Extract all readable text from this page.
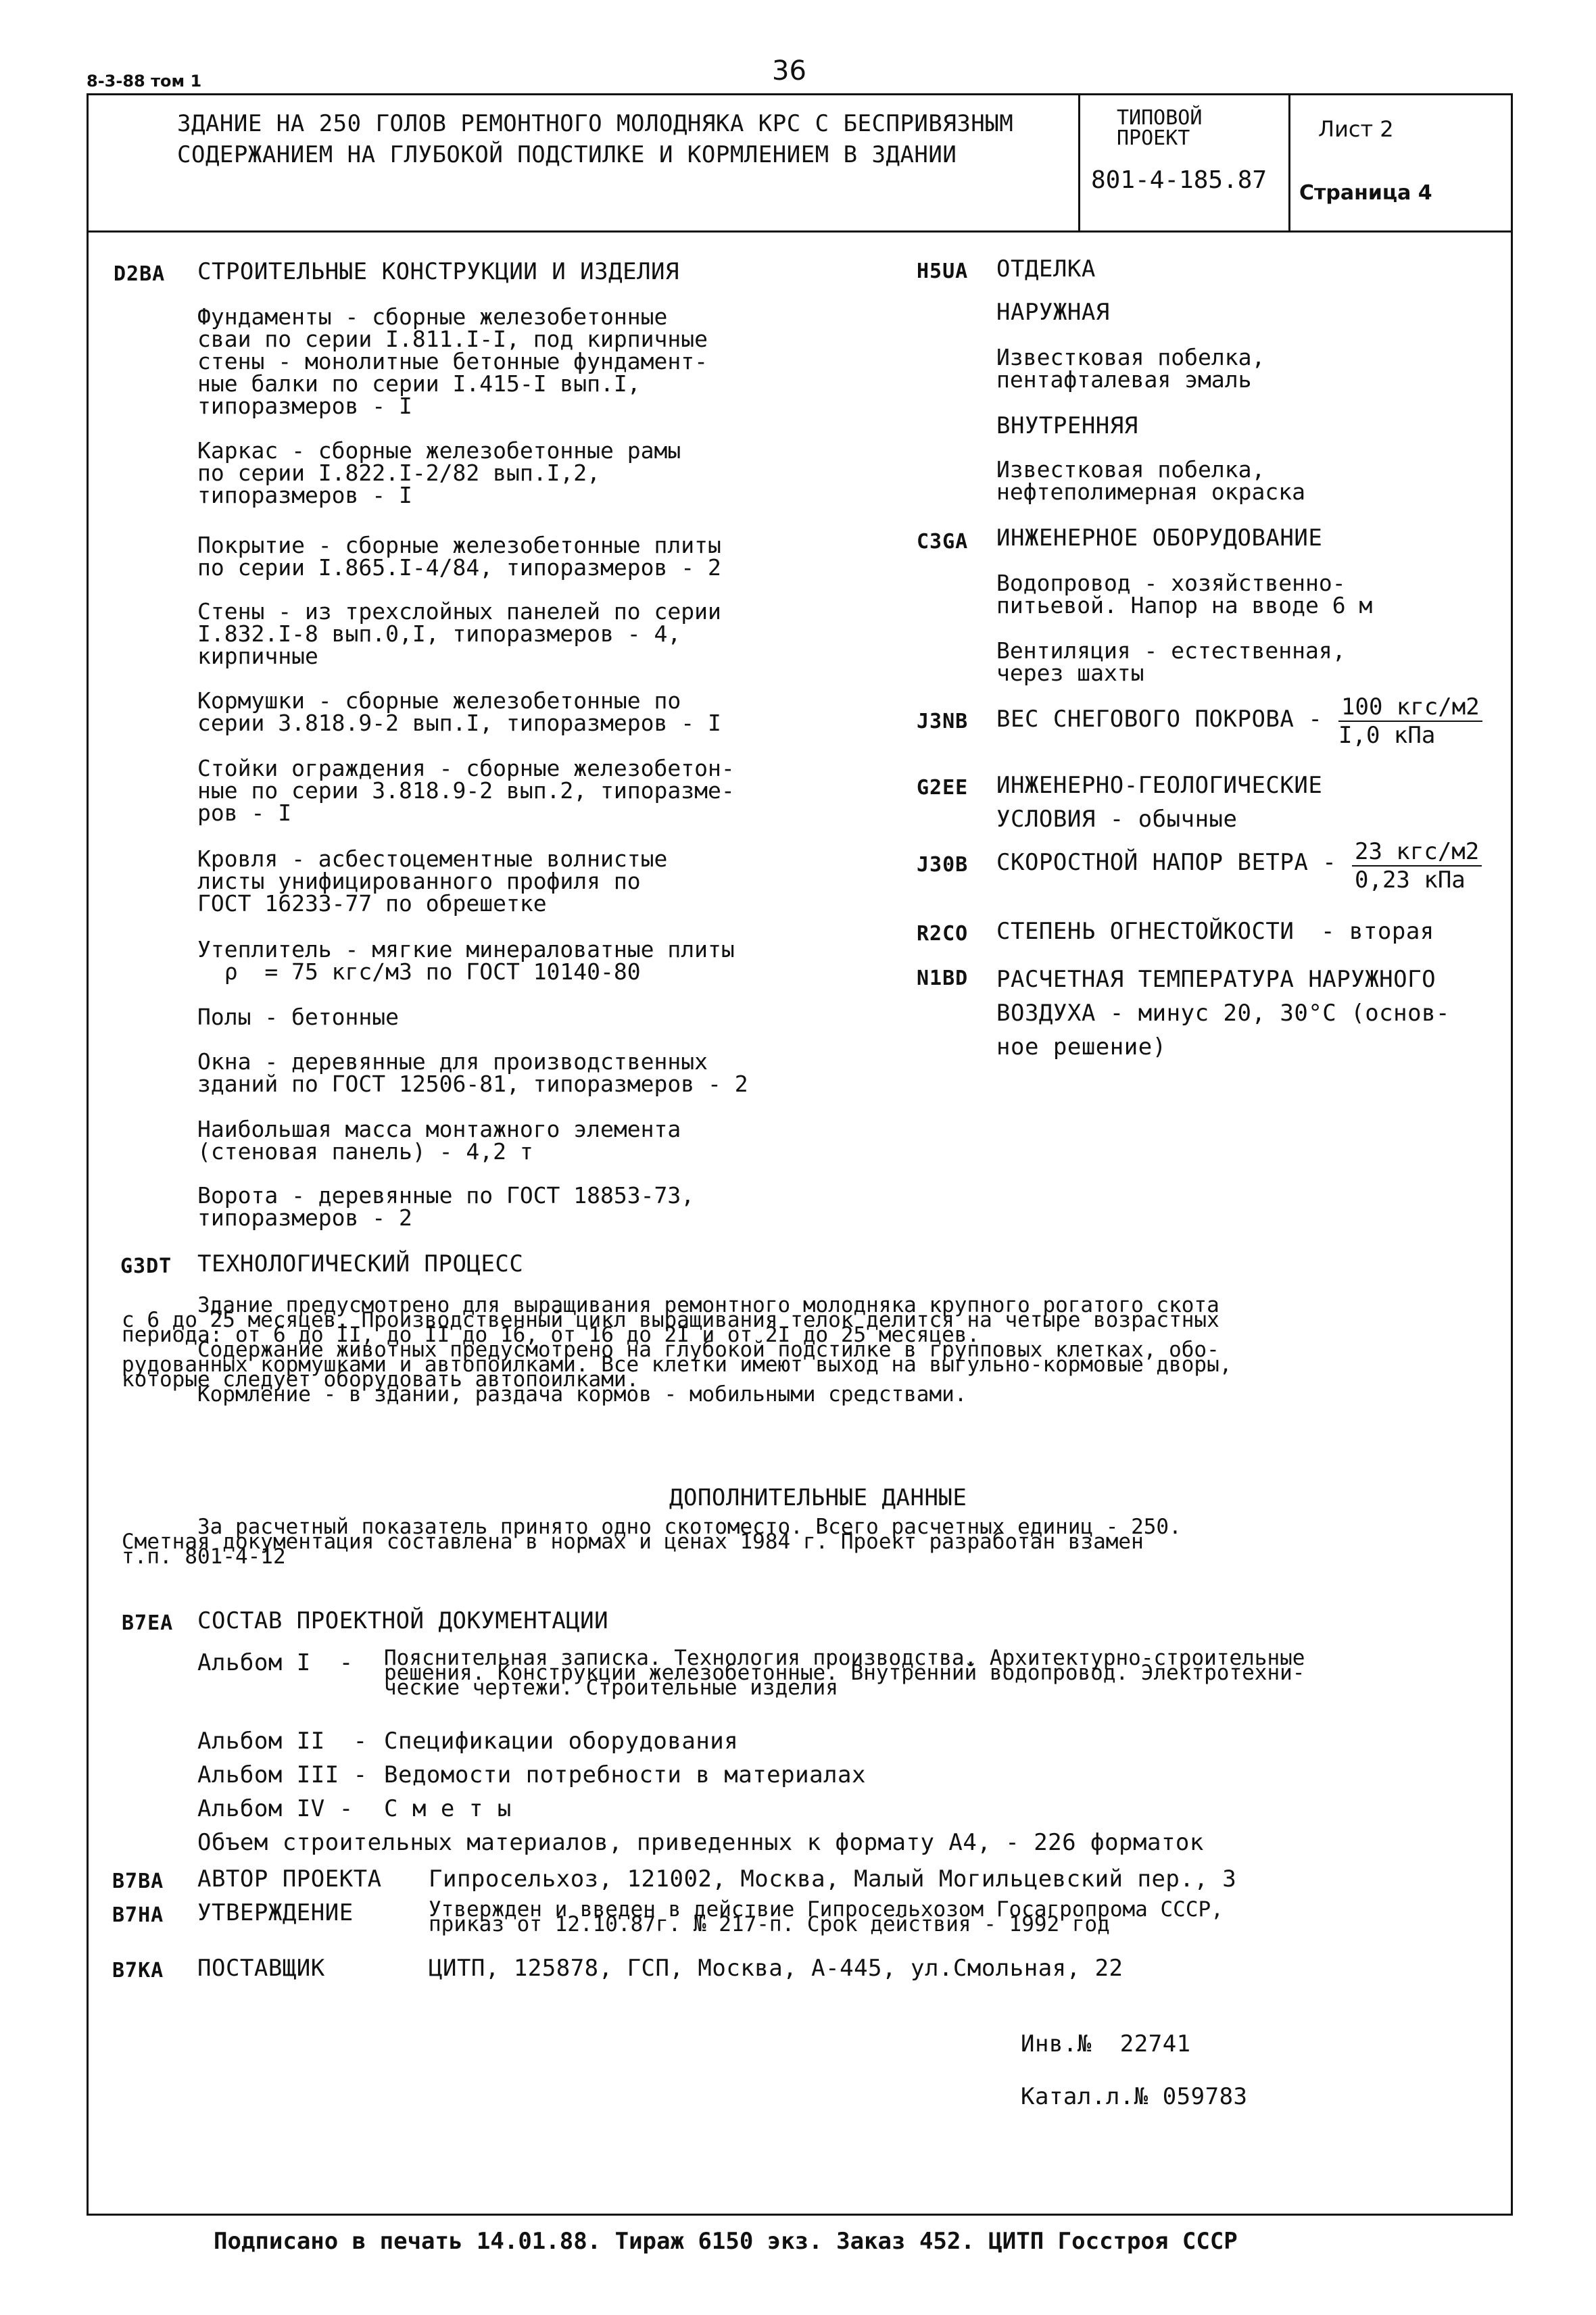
8-3-88 том 1	36
ЗДАНИЕ НА 250 ГОЛОВ РЕМОНТНОГО МОЛОДНЯКА КРС С БЕСПРИВЯЗНЫМ
СОДЕРЖАНИЕМ НА ГЛУБОКОЙ ПОДСТИЛКЕ И КОРМЛЕНИЕМ В ЗДАНИИ
ТИПОВОЙ
ПРОЕКТ
801-4-185.87
Лист 2
Страница 4
D2BA СТРОИТЕЛЬНЫЕ КОНСТРУКЦИИ И ИЗДЕЛИЯ
Фундаменты - сборные железобетонные
сваи по серии I.811.I-I, под кирпичные
стены - монолитные бетонные фундамент-
ные балки по серии I.415-I вып.I,
типоразмеров - I
Каркас - сборные железобетонные рамы
по серии I.822.I-2/82 вып.I,2,
типоразмеров - I
Покрытие - сборные железобетонные плиты
по серии I.865.I-4/84, типоразмеров - 2
Стены - из трехслойных панелей по серии
I.832.I-8 вып.0,I, типоразмеров - 4,
кирпичные
Кормушки - сборные железобетонные по
серии 3.818.9-2 вып.I, типоразмеров - I
Стойки ограждения - сборные железобетон-
ные по серии 3.818.9-2 вып.2, типоразме-
ров - I
Кровля - асбестоцементные волнистые
листы унифицированного профиля по
ГОСТ 16233-77 по обрешетке
Утеплитель - мягкие минераловатные плиты
ρ  = 75 кгс/м3 по ГОСТ 10140-80
Полы - бетонные
Окна - деревянные для производственных
зданий по ГОСТ 12506-81, типоразмеров - 2
Наибольшая масса монтажного элемента
(стеновая панель) - 4,2 т
Ворота - деревянные по ГОСТ 18853-73,
типоразмеров - 2
H5UA ОТДЕЛКА
НАРУЖНАЯ
Известковая побелка,
пентафталевая эмаль
ВНУТРЕННЯЯ
Известковая побелка,
нефтеполимерная окраска
C3GA ИНЖЕНЕРНОЕ ОБОРУДОВАНИЕ
Водопровод - хозяйственно-
питьевой. Напор на вводе 6 м
Вентиляция - естественная,
через шахты
J3NB ВЕС СНЕГОВОГО ПОКРОВА - 100 кгс/м2
I,0 кПа
G2EE ИНЖЕНЕРНО-ГЕОЛОГИЧЕСКИЕ
УСЛОВИЯ - обычные
J30B СКОРОСТНОЙ НАПОР ВЕТРА - 23 кгс/м2
0,23 кПа
R2CO СТЕПЕНЬ ОГНЕСТОЙКОСТИ - вторая
N1BD РАСЧЕТНАЯ ТЕМПЕРАТУРА НАРУЖНОГО
ВОЗДУХА - минус 20, 30°С (основ-
ное решение)
G3DT ТЕХНОЛОГИЧЕСКИЙ ПРОЦЕСС
Здание предусмотрено для выращивания ремонтного молодняка крупного рогатого скота
с 6 до 25 месяцев. Производственный цикл выращивания телок делится на четыре возрастных
периода: от 6 до II, до II до 16, от 16 до 2I и от 2I до 25 месяцев.
Содержание животных предусмотрено на глубокой подстилке в групповых клетках, обо-
рудованных кормушками и автопоилками. Все клетки имеют выход на выгульно-кормовые дворы,
которые следует оборудовать автопоилками.
Кормление - в здании, раздача кормов - мобильными средствами.
ДОПОЛНИТЕЛЬНЫЕ ДАННЫЕ
За расчетный показатель принято одно скотоместо. Всего расчетных единиц - 250.
Сметная документация составлена в нормах и ценах 1984 г. Проект разработан взамен
т.п. 801-4-12
B7EA СОСТАВ ПРОЕКТНОЙ ДОКУМЕНТАЦИИ
Альбом I  - Пояснительная записка. Технология производства. Архитектурно-строительные
решения. Конструкции железобетонные. Внутренний водопровод. Электротехни-
ческие чертежи. Строительные изделия
Альбом II  - Спецификации оборудования
Альбом III - Ведомости потребности в материалах
Альбом IV - С м е т ы
Объем строительных материалов, приведенных к формату А4, - 226 форматок
B7BA АВТОР ПРОЕКТА Гипросельхоз, 121002, Москва, Малый Могильцевский пер., 3
B7HA УТВЕРЖДЕНИЕ	Утвержден и введен в действие Гипросельхозом Госагропрома СССР,
приказ от 12.10.87г. № 217-п. Срок действия - 1992 год
B7KA ПОСТАВЩИК	ЦИТП, 125878, ГСП, Москва, А-445, ул.Смольная, 22
Инв.№  22741
Катал.л.№ 059783
Подписано в печать 14.01.88. Тираж 6150 экз. Заказ 452. ЦИТП Госстроя СССР
